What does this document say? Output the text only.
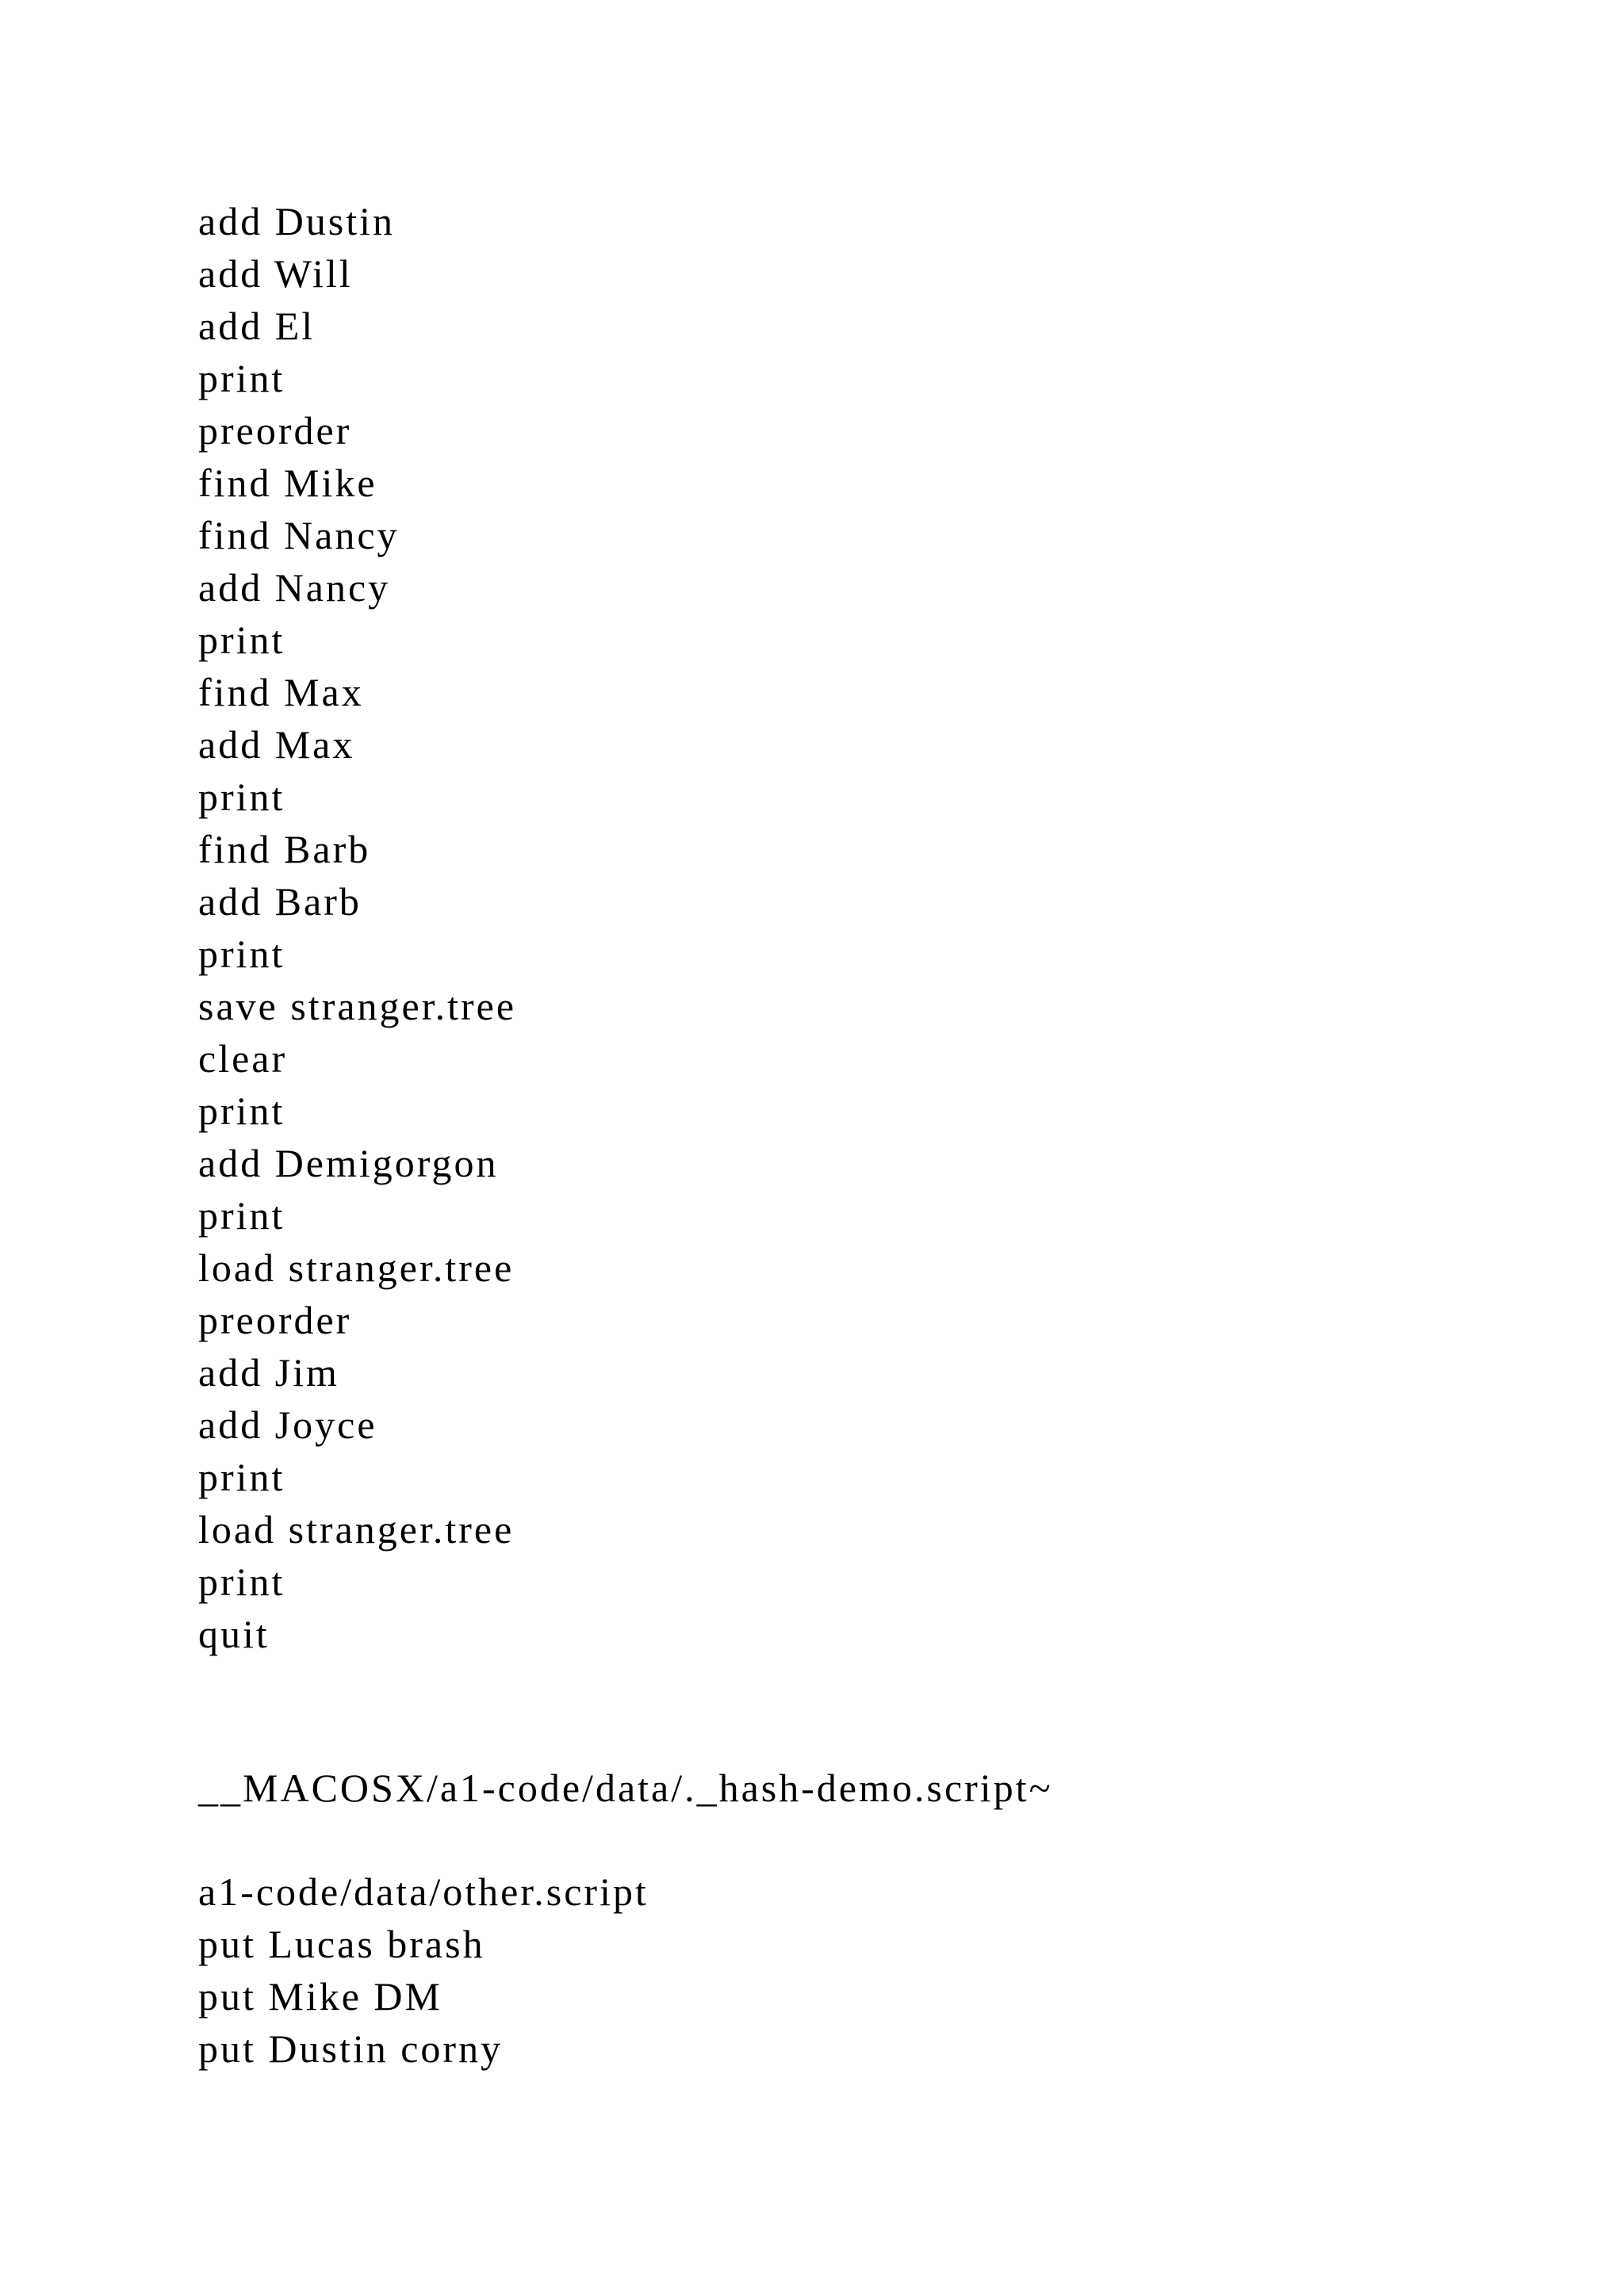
add Dustin
add Will
add El
print
preorder
find Mike
find Nancy
add Nancy
print
find Max
add Max
print
find Barb
add Barb
print
save stranger.tree
clear
print
add Demigorgon
print
load stranger.tree
preorder
add Jim
add Joyce
print
load stranger.tree
print
quit
__MACOSX/a1-code/data/._hash-demo.script~
a1-code/data/other.script
put Lucas brash
put Mike DM
put Dustin corny
